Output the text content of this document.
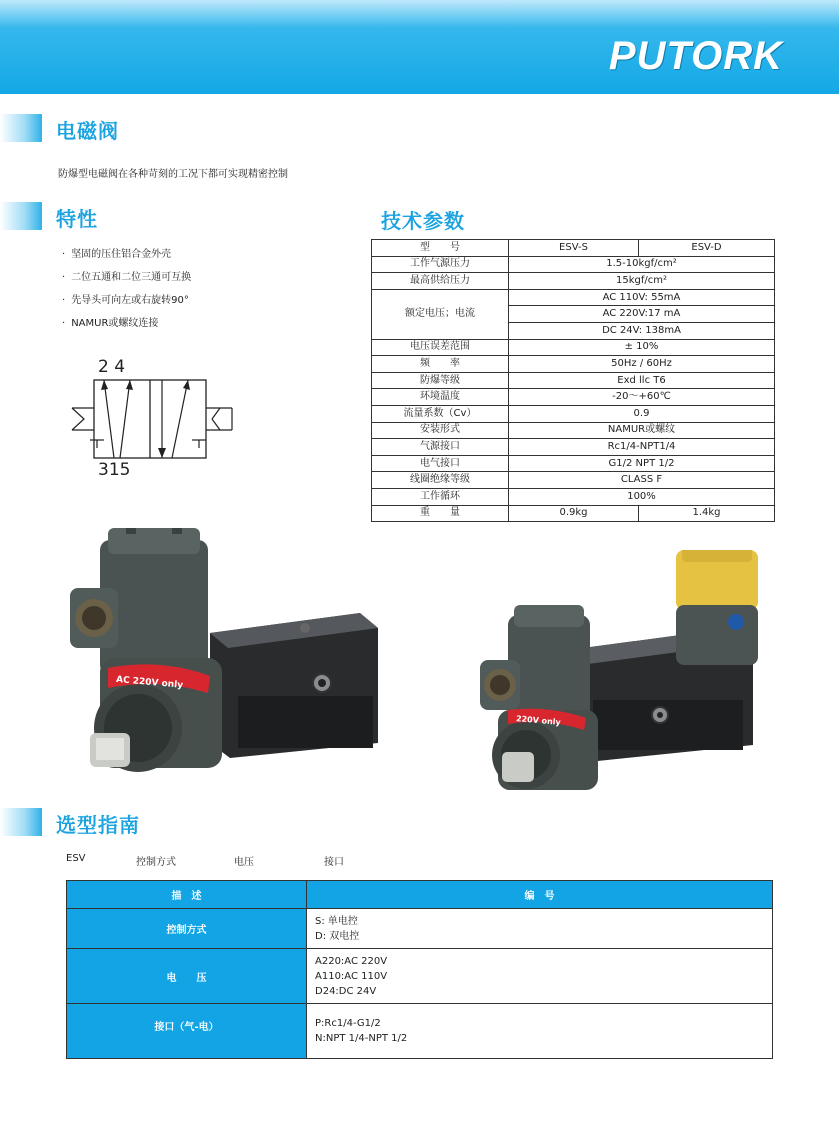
PUTORK
电磁阀
防爆型电磁阀在各种苛刻的工况下都可实现精密控制
特性
· 坚固的压住铝合金外壳
· 二位五通和二位三通可互换
· 先导头可向左或右旋转90°
· NAMUR或螺纹连接
2 4
315
技术参数
型　　号	ESV-S	ESV-D
工作气源压力	1.5-10kgf/cm²	
最高供给压力	15kgf/cm²	
额定电压；电流	AC 110V: 55mA	
	AC 220V:17 mA	
	DC 24V: 138mA	
电压误差范围	± 10%	
频　　率	50Hz / 60Hz	
防爆等级	Exd llc T6	
环境温度	-20～+60℃	
流量系数（Cv）	0.9	
安装形式	NAMUR或螺纹	
气源接口	Rc1/4-NPT1/4	
电气接口	G1/2 NPT 1/2	
线圈绝缘等级	CLASS F	
工作循环	100%	
重　　量	0.9kg	1.4kg
AC 220V only
220V only
选型指南
ESV	控制方式	电压	接口
描　述	编　号
控制方式	S: 单电控
D: 双电控

电　　压	A220:AC 220V
A110:AC 110V
D24:DC 24V

接口（气-电）	P:Rc1/4-G1/2
N:NPT 1/4-NPT 1/2
